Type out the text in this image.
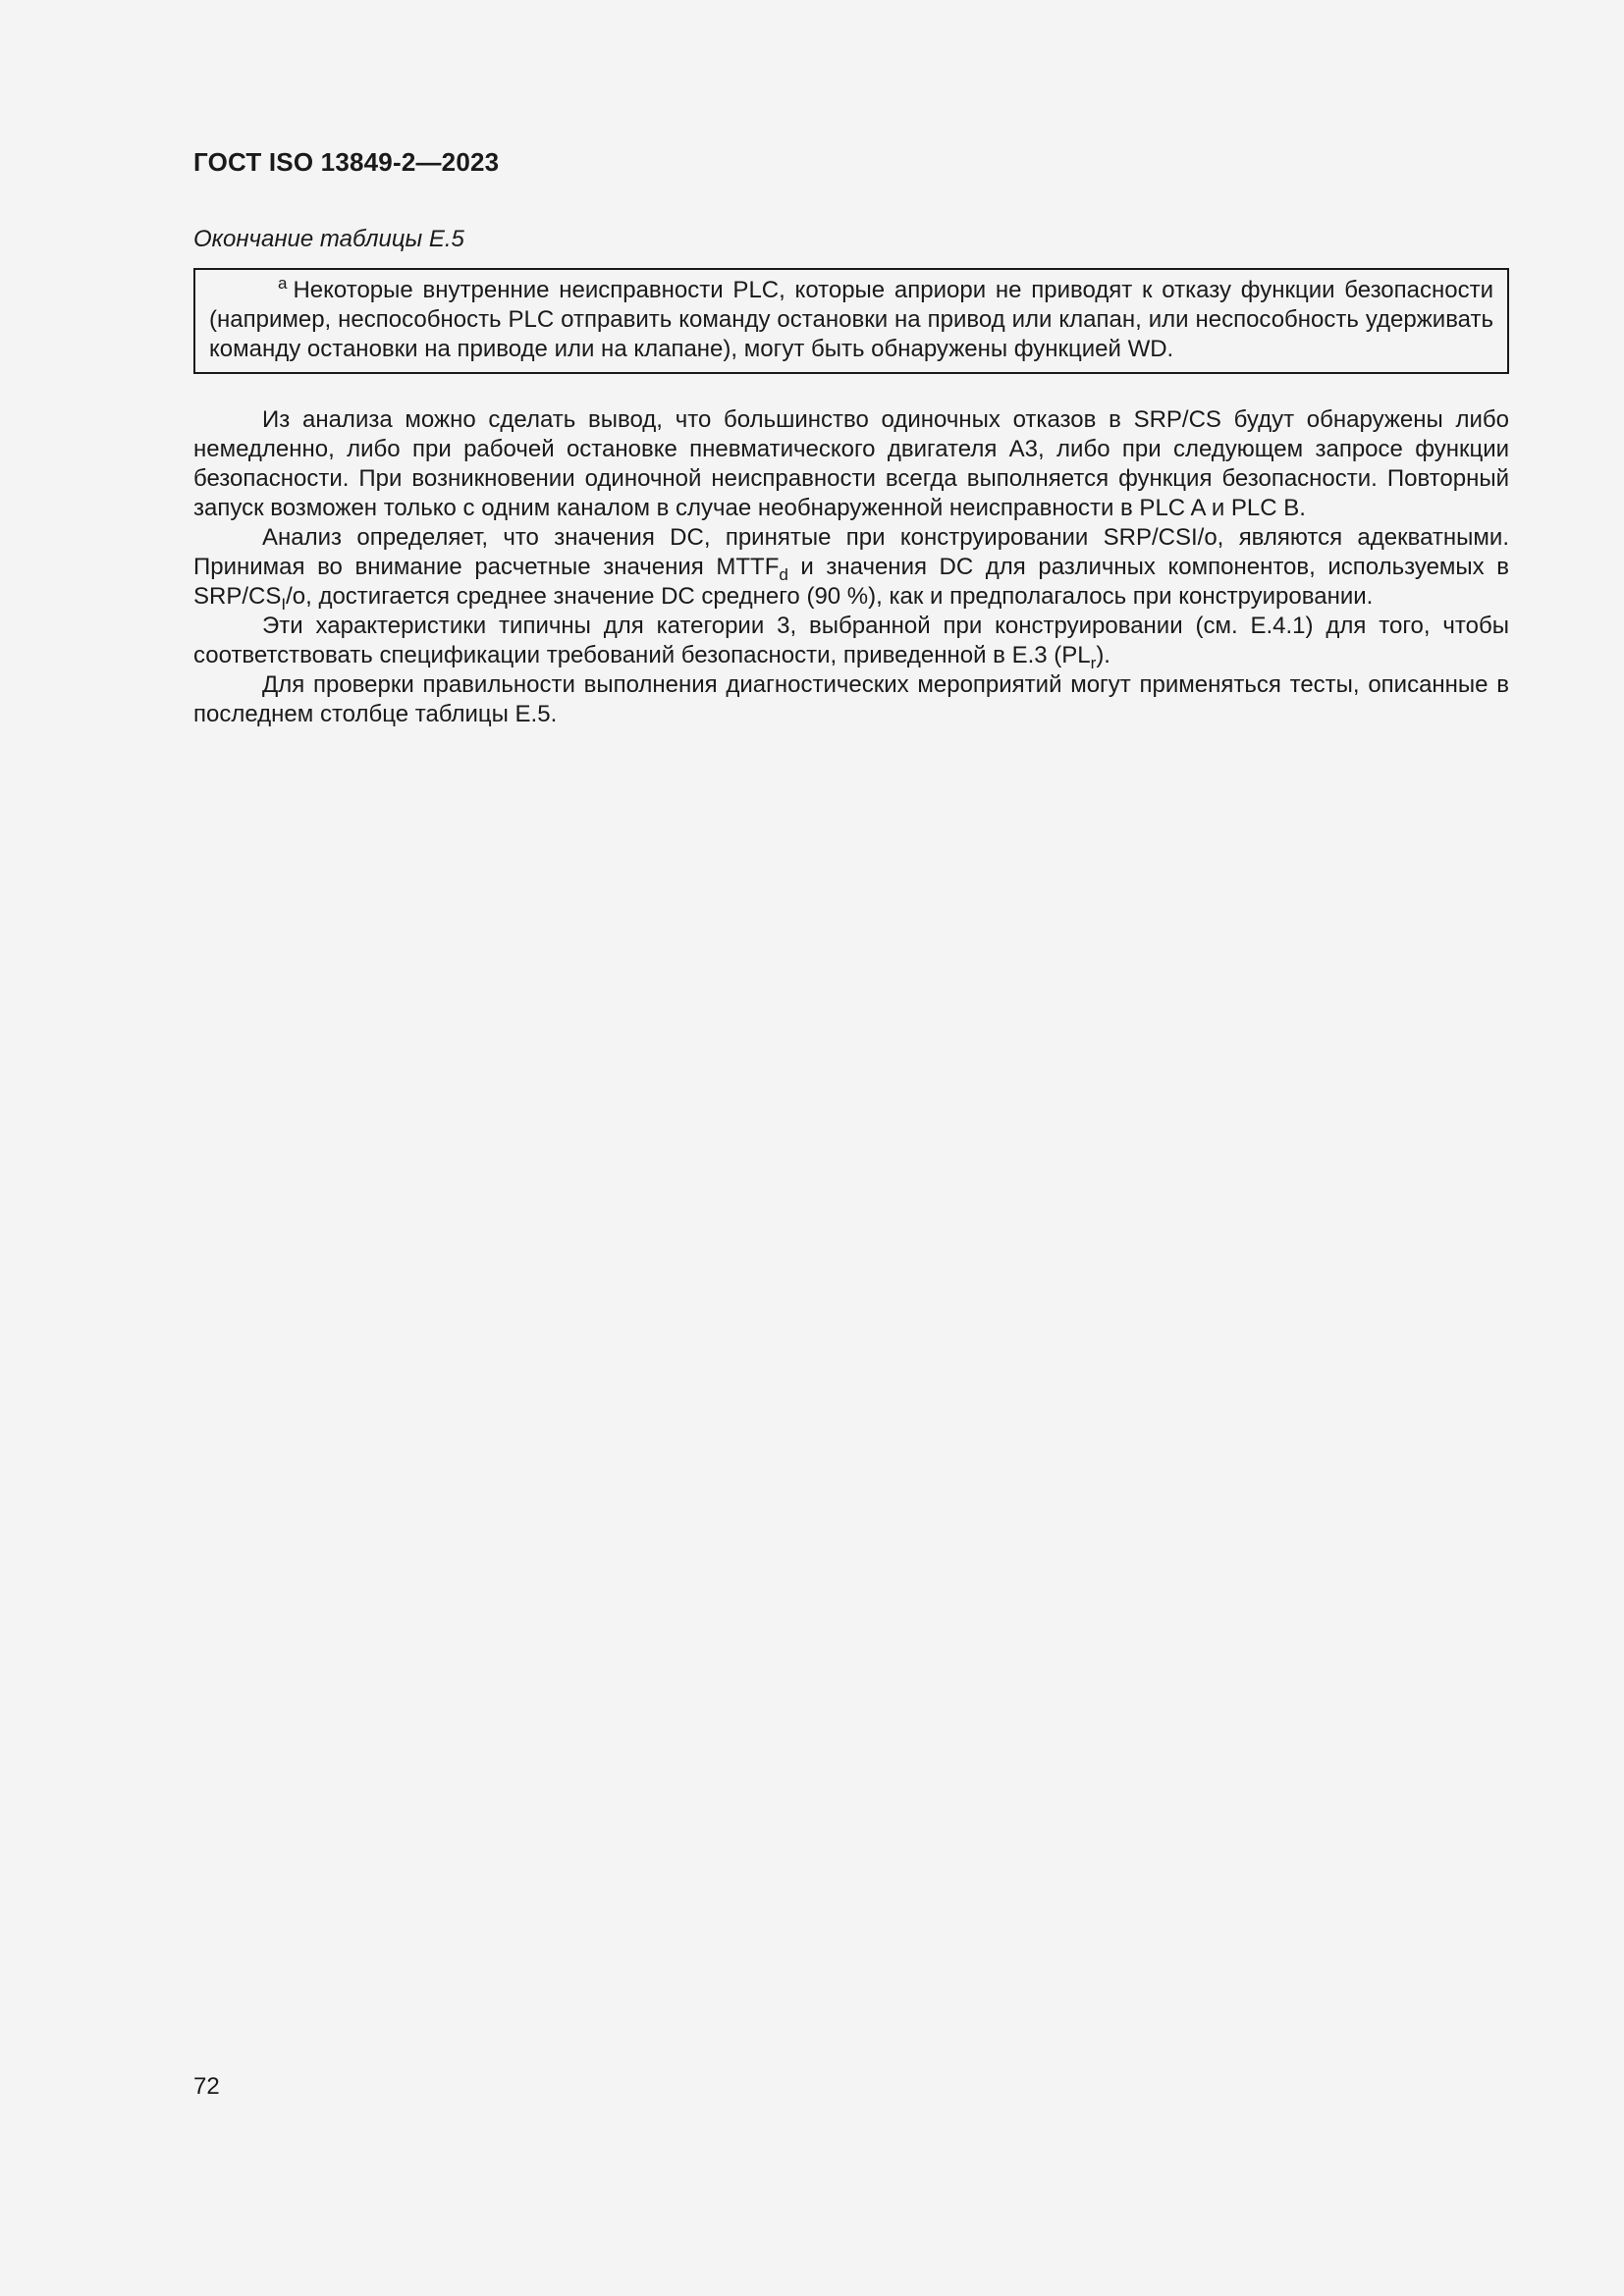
ГОСТ ISO 13849-2—2023
Окончание таблицы Е.5
$^a$ Некоторые внутренние неисправности PLC, которые априори не приводят к отказу функции безопасности (например, неспособность PLC отправить команду остановки на привод или клапан, или неспособность удерживать команду остановки на приводе или на клапане), могут быть обнаружены функцией WD.

Из анализа можно сделать вывод, что большинство одиночных отказов в SRP/CS будут обнаружены либо немедленно, либо при рабочей остановке пневматического двигателя А3, либо при следующем запросе функции безопасности. При возникновении одиночной неисправности всегда выполняется функция безопасности. Повторный запуск возможен только с одним каналом в случае необнаруженной неисправности в PLC A и PLC B.

Анализ определяет, что значения DC, принятые при конструировании SRP/CSI/o, являются адекватными. Принимая во внимание расчетные значения $MTTF_d$ и значения DC для различных компонентов, используемых в SRP/$CS_I/o$, достигается среднее значение DC среднего (90 %), как и предполагалось при конструировании.

Эти характеристики типичны для категории 3, выбранной при конструировании (см. Е.4.1) для того, чтобы соответствовать спецификации требований безопасности, приведенной в Е.3 $(PL_r)$.

Для проверки правильности выполнения диагностических мероприятий могут применяться тесты, описанные в последнем столбце таблицы Е.5.

72
